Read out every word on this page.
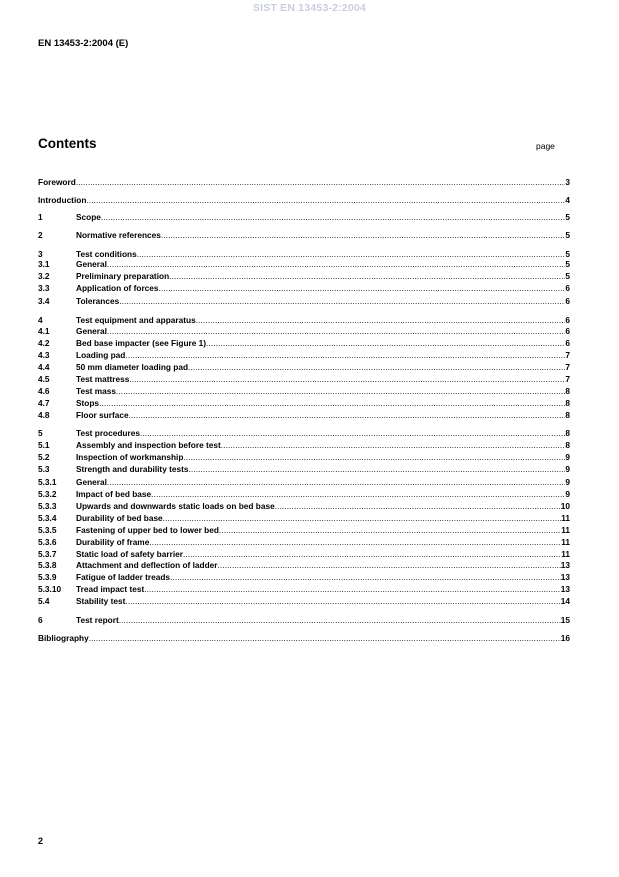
SIST EN 13453-2:2004
EN 13453-2:2004 (E)
Contents	page
Foreword .....	3
Introduction .....	4
1	Scope .....	5
2	Normative references .....	5
3	Test conditions .....	5
3.1	General .....	5
3.2	Preliminary preparation .....	5
3.3	Application of forces .....	6
3.4	Tolerances .....	6
4	Test equipment and apparatus .....	6
4.1	General .....	6
4.2	Bed base impacter (see Figure 1) .....	6
4.3	Loading pad .....	7
4.4	50 mm diameter loading pad .....	7
4.5	Test mattress .....	7
4.6	Test mass .....	8
4.7	Stops .....	8
4.8	Floor surface .....	8
5	Test procedures .....	8
5.1	Assembly and inspection before test .....	8
5.2	Inspection of workmanship .....	9
5.3	Strength and durability tests .....	9
5.3.1	General .....	9
5.3.2	Impact of bed base .....	9
5.3.3	Upwards and downwards static loads on bed base .....	10
5.3.4	Durability of bed base .....	11
5.3.5	Fastening of upper bed to lower bed .....	11
5.3.6	Durability of frame .....	11
5.3.7	Static load of safety barrier .....	11
5.3.8	Attachment and deflection of ladder .....	13
5.3.9	Fatigue of ladder treads .....	13
5.3.10	Tread impact test .....	13
5.4	Stability test .....	14
6	Test report .....	15
Bibliography .....	16
2
